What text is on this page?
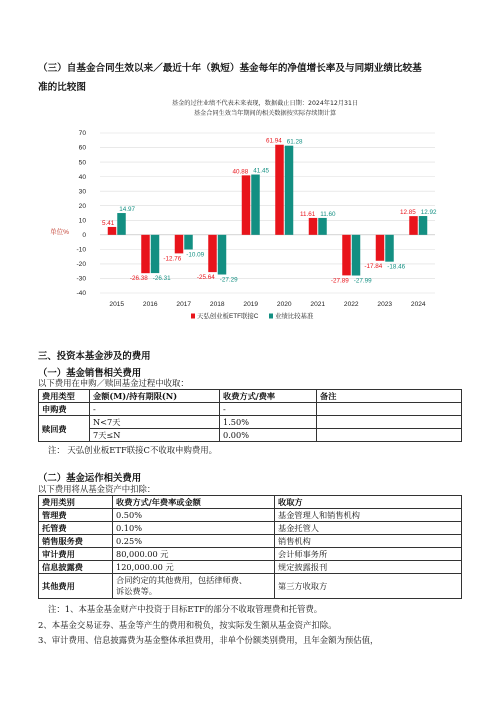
（三）自基金合同生效以来／最近十年（孰短）基金每年的净值增长率及与同期业绩比较基
准的比较图
基金的过往业绩不代表未来表现，数据截止日期：2024年12月31日
基金合同生效当年期间的相关数据按实际存续期计算
70
60
50
40
30
20
10
0
-10
-20
-30
-40
单位%
5.41
14.97
2015
-26.38 -26.31
2016
-12.76
-10.09
2017
-25.64 -27.29
2018
40.88 41.45
2019
61.94 61.28
2020
11.61 11.60
2021
-27.89 -27.99
2022
-17.84 -18.46
2023
12.85 12.92
2024
天弘创业板ETF联接C	业绩比较基准
三、投资本基金涉及的费用
（一）基金销售相关费用
以下费用在申购／赎回基金过程中收取：
费用类型	金额(M)/持有期限(N)	收费方式/费率	备注
申购费	-	-	
赎回费	N<7天	1.50%	
	7天≤N	0.00%	
注： 天弘创业板ETF联接C不收取申购费用。
（二）基金运作相关费用
以下费用将从基金资产中扣除：
费用类别	收费方式/年费率或金额	收取方
管理费	0.50%	基金管理人和销售机构
托管费	0.10%	基金托管人
销售服务费	0.25%	销售机构
审计费用	80,000.00 元	会计师事务所
信息披露费	120,000.00 元	规定披露报刊
其他费用	合同约定的其他费用，包括律师费、
诉讼费等。	第三方收取方
注：1、本基金基金财产中投资于目标ETF的部分不收取管理费和托管费。
2、本基金交易证券、基金等产生的费用和税负，按实际发生额从基金资产扣除。
3、审计费用、信息披露费为基金整体承担费用，非单个份额类别费用，且年金额为预估值，
